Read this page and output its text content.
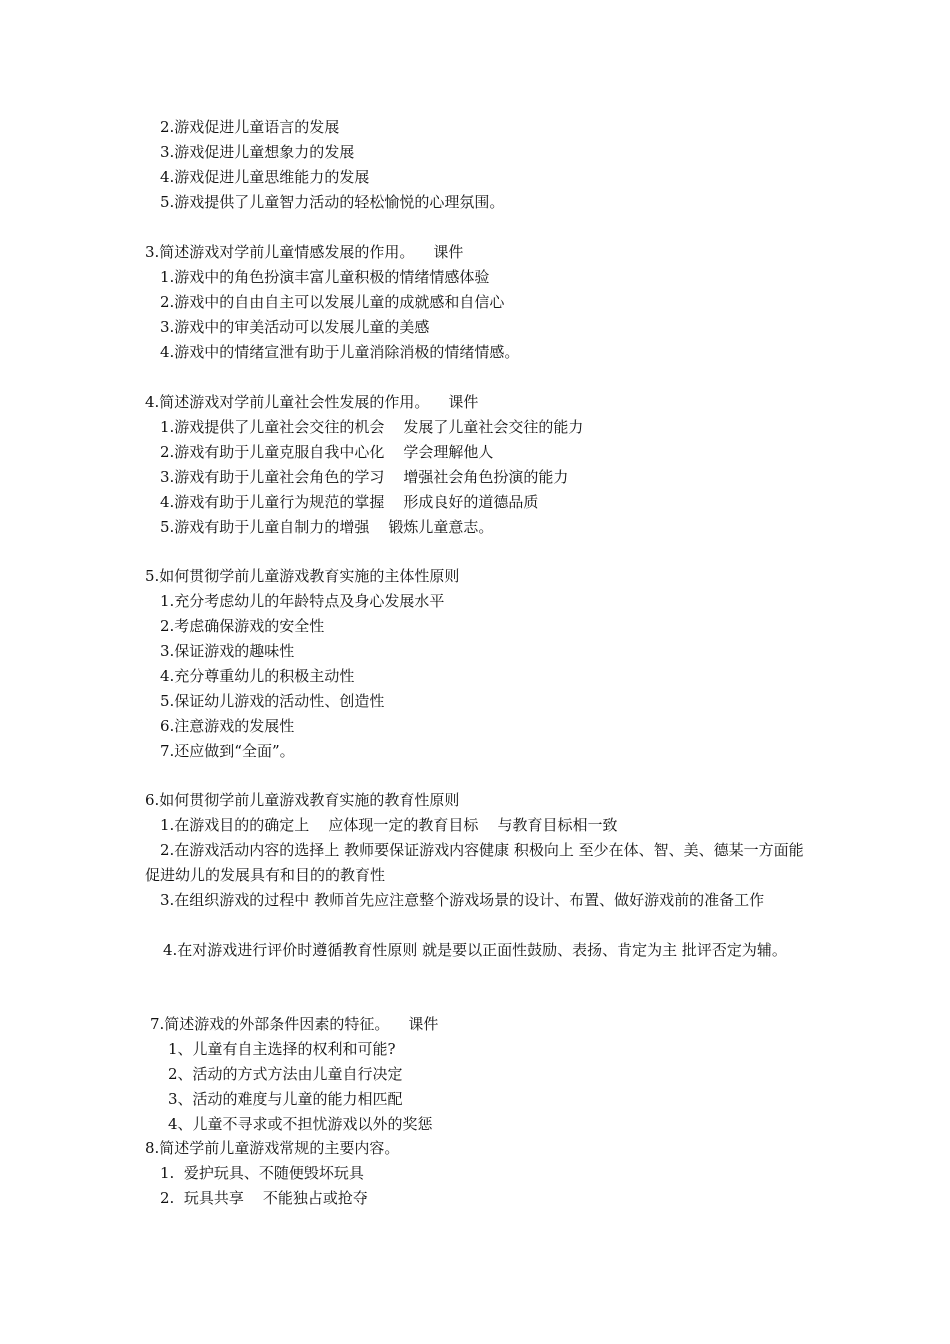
2.游戏促进儿童语言的发展
3.游戏促进儿童想象力的发展
4.游戏促进儿童思维能力的发展
5.游戏提供了儿童智力活动的轻松愉悦的心理氛围。
3.简述游戏对学前儿童情感发展的作用。    课件
1.游戏中的角色扮演丰富儿童积极的情绪情感体验
2.游戏中的自由自主可以发展儿童的成就感和自信心
3.游戏中的审美活动可以发展儿童的美感
4.游戏中的情绪宣泄有助于儿童消除消极的情绪情感。
4.简述游戏对学前儿童社会性发展的作用。    课件
1.游戏提供了儿童社会交往的机会    发展了儿童社会交往的能力
2.游戏有助于儿童克服自我中心化    学会理解他人
3.游戏有助于儿童社会角色的学习    增强社会角色扮演的能力
4.游戏有助于儿童行为规范的掌握    形成良好的道德品质
5.游戏有助于儿童自制力的增强    锻炼儿童意志。
5.如何贯彻学前儿童游戏教育实施的主体性原则
1.充分考虑幼儿的年龄特点及身心发展水平
2.考虑确保游戏的安全性
3.保证游戏的趣味性
4.充分尊重幼儿的积极主动性
5.保证幼儿游戏的活动性、创造性
6.注意游戏的发展性
7.还应做到“全面”。
6.如何贯彻学前儿童游戏教育实施的教育性原则
1.在游戏目的的确定上    应体现一定的教育目标    与教育目标相一致
2.在游戏活动内容的选择上 教师要保证游戏内容健康 积极向上 至少在体、智、美、德某一方面能促进幼儿的发展具有和目的的教育性
3.在组织游戏的过程中 教师首先应注意整个游戏场景的设计、布置、做好游戏前的准备工作
4.在对游戏进行评价时遵循教育性原则 就是要以正面性鼓励、表扬、肯定为主 批评否定为辅。
7.简述游戏的外部条件因素的特征。    课件
1、儿童有自主选择的权利和可能?
2、活动的方式方法由儿童自行决定
3、活动的难度与儿童的能力相匹配
4、儿童不寻求或不担忧游戏以外的奖惩
8.简述学前儿童游戏常规的主要内容。
1.  爱护玩具、不随便毁坏玩具
2.  玩具共享    不能独占或抢夺
